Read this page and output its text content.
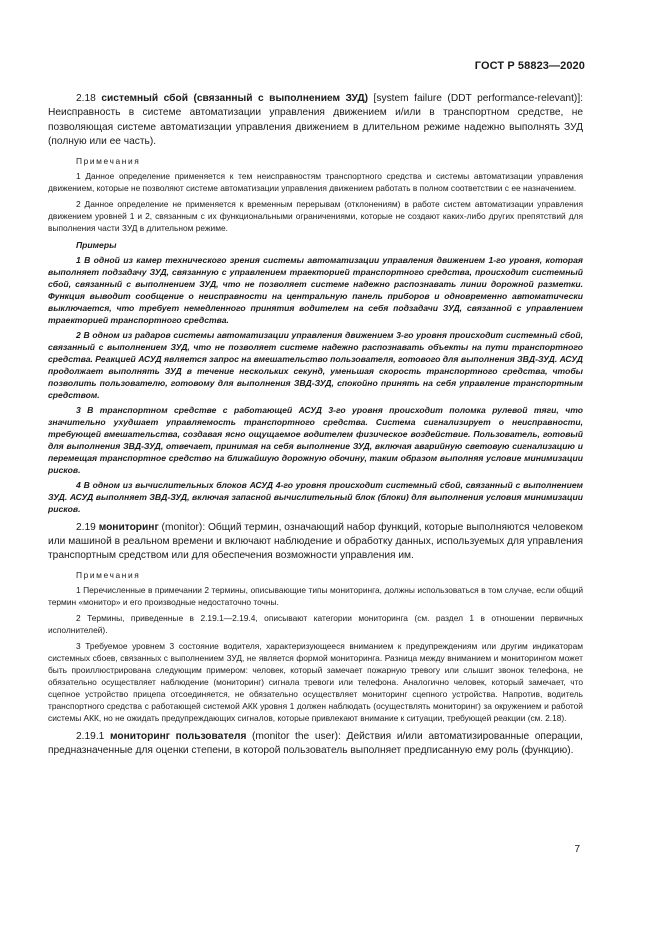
ГОСТ Р 58823—2020

2.18 системный сбой (связанный с выполнением ЗУД) [system failure (DDT performance-relevant)]: Неисправность в системе автоматизации управления движением и/или в транспортном средстве, не позволяющая системе автоматизации управления движением в длительном режиме надежно выполнять ЗУД (полную или ее часть).

Примечания

1 Данное определение применяется к тем неисправностям транспортного средства и системы автоматизации управления движением, которые не позволяют системе автоматизации управления движением работать в полном соответствии с ее назначением.

2 Данное определение не применяется к временным перерывам (отклонениям) в работе систем автоматизации управления движением уровней 1 и 2, связанным с их функциональными ограничениями, которые не создают каких-либо других препятствий для выполнения части ЗУД в длительном режиме.

Примеры

1 В одной из камер технического зрения системы автоматизации управления движением 1-го уровня, которая выполняет подзадачу ЗУД, связанную с управлением траекторией транспортного средства, происходит системный сбой, связанный с выполнением ЗУД, что не позволяет системе надежно распознавать линии дорожной разметки. Функция выводит сообщение о неисправности на центральную панель приборов и одновременно автоматически выключается, что требует немедленного принятия водителем на себя подзадачи ЗУД, связанной с управлением траекторией транспортного средства.

2 В одном из радаров системы автоматизации управления движением 3-го уровня происходит системный сбой, связанный с выполнением ЗУД, что не позволяет системе надежно распознавать объекты на пути транспортного средства. Реакцией АСУД является запрос на вмешательство пользователя, готового для выполнения ЗВД-ЗУД. АСУД продолжает выполнять ЗУД в течение нескольких секунд, уменьшая скорость транспортного средства, чтобы позволить пользователю, готовому для выполнения ЗВД-ЗУД, спокойно принять на себя управление транспортным средством.

3 В транспортном средстве с работающей АСУД 3-го уровня происходит поломка рулевой тяги, что значительно ухудшает управляемость транспортного средства. Система сигнализирует о неисправности, требующей вмешательства, создавая ясно ощущаемое водителем физическое воздействие. Пользователь, готовый для выполнения ЗВД-ЗУД, отвечает, принимая на себя выполнение ЗУД, включая аварийную световую сигнализацию и перемещая транспортное средство на ближайшую дорожную обочину, таким образом выполняя условие минимизации рисков.

4 В одном из вычислительных блоков АСУД 4-го уровня происходит системный сбой, связанный с выполнением ЗУД. АСУД выполняет ЗВД-ЗУД, включая запасной вычислительный блок (блоки) для выполнения условия минимизации рисков.

2.19 мониторинг (monitor): Общий термин, означающий набор функций, которые выполняются человеком или машиной в реальном времени и включают наблюдение и обработку данных, используемых для управления транспортным средством или для обеспечения возможности управления им.

Примечания

1 Перечисленные в примечании 2 термины, описывающие типы мониторинга, должны использоваться в том случае, если общий термин «монитор» и его производные недостаточно точны.

2 Термины, приведенные в 2.19.1—2.19.4, описывают категории мониторинга (см. раздел 1 в отношении первичных исполнителей).

3 Требуемое уровнем 3 состояние водителя, характеризующееся вниманием к предупреждениям или другим индикаторам системных сбоев, связанных с выполнением ЗУД, не является формой мониторинга. Разница между вниманием и мониторингом может быть проиллюстрирована следующим примером: человек, который замечает пожарную тревогу или слышит звонок телефона, не обязательно осуществляет наблюдение (мониторинг) сигнала тревоги или телефона. Аналогично человек, который замечает, что сцепное устройство прицепа отсоединяется, не обязательно осуществляет мониторинг сцепного устройства. Напротив, водитель транспортного средства с работающей системой АКК уровня 1 должен наблюдать (осуществлять мониторинг) за окружением и работой системы АКК, но не ожидать предупреждающих сигналов, которые привлекают внимание к ситуации, требующей реакции (см. 2.18).

2.19.1 мониторинг пользователя (monitor the user): Действия и/или автоматизированные операции, предназначенные для оценки степени, в которой пользователь выполняет предписанную ему роль (функцию).

7
